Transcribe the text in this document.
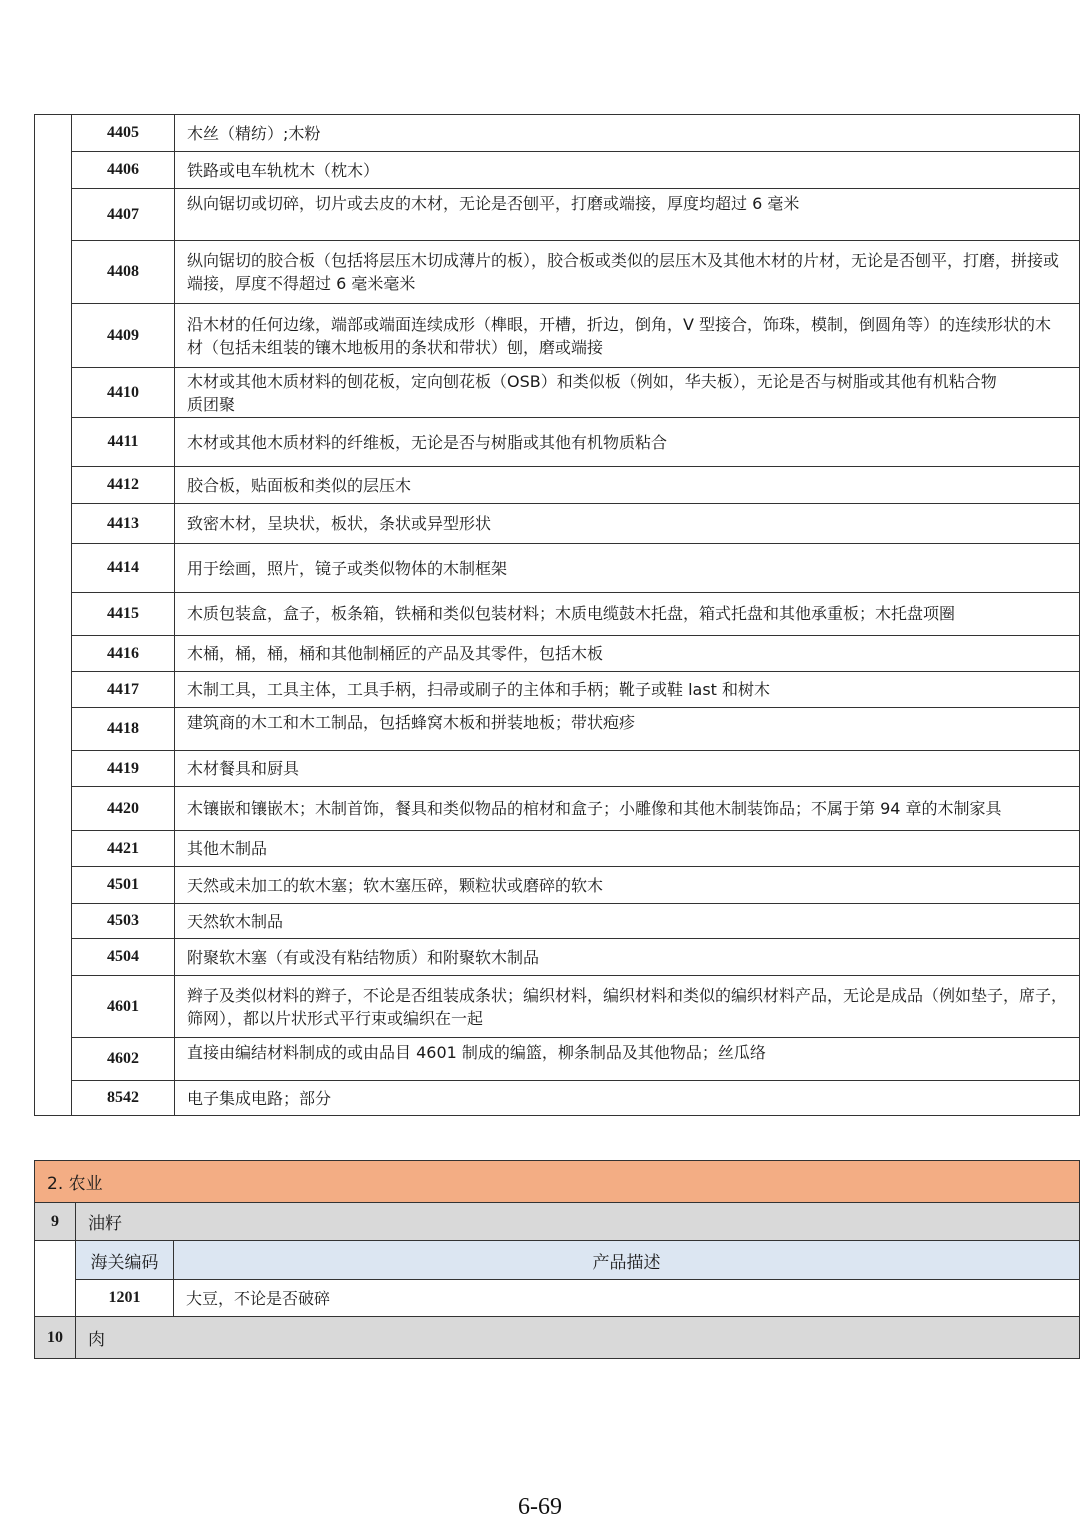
	4405	木丝（精纺）;木粉
	4406	铁路或电车轨枕木（枕木）
	4407	纵向锯切或切碎，切片或去皮的木材，无论是否刨平，打磨或端接，厚度均超过 6 毫米
	4408	纵向锯切的胶合板（包括将层压木切成薄片的板），胶合板或类似的层压木及其他木材的片材，无论是否刨平，打磨，拼接或端接，厚度不得超过 6 毫米毫米
	4409	沿木材的任何边缘，端部或端面连续成形（榫眼，开槽，折边，倒角，V 型接合，饰珠，模制，倒圆角等）的连续形状的木材（包括未组装的镶木地板用的条状和带状）刨，磨或端接
	4410	木材或其他木质材料的刨花板，定向刨花板（OSB）和类似板（例如，华夫板），无论是否与树脂或其他有机粘合物质团聚
	4411	木材或其他木质材料的纤维板，无论是否与树脂或其他有机物质粘合
	4412	胶合板，贴面板和类似的层压木
	4413	致密木材，呈块状，板状，条状或异型形状
	4414	用于绘画，照片，镜子或类似物体的木制框架
	4415	木质包装盒，盒子，板条箱，铁桶和类似包装材料；木质电缆鼓木托盘，箱式托盘和其他承重板；木托盘项圈
	4416	木桶，桶，桶，桶和其他制桶匠的产品及其零件，包括木板
	4417	木制工具，工具主体，工具手柄，扫帚或刷子的主体和手柄；靴子或鞋 last 和树木
	4418	建筑商的木工和木工制品，包括蜂窝木板和拼装地板；带状疱疹
	4419	木材餐具和厨具
	4420	木镶嵌和镶嵌木；木制首饰，餐具和类似物品的棺材和盒子；小雕像和其他木制装饰品；不属于第 94 章的木制家具
	4421	其他木制品
	4501	天然或未加工的软木塞；软木塞压碎，颗粒状或磨碎的软木
	4503	天然软木制品
	4504	附聚软木塞（有或没有粘结物质）和附聚软木制品
	4601	辫子及类似材料的辫子，不论是否组装成条状；编织材料，编织材料和类似的编织材料产品，无论是成品（例如垫子，席子，筛网），都以片状形式平行束或编织在一起
	4602	直接由编结材料制成的或由品目 4601 制成的编篮，柳条制品及其他物品；丝瓜络
	8542	电子集成电路；部分
2. 农业		
9	油籽	
	海关编码	产品描述
	1201	大豆，不论是否破碎
10	肉	
6-69
